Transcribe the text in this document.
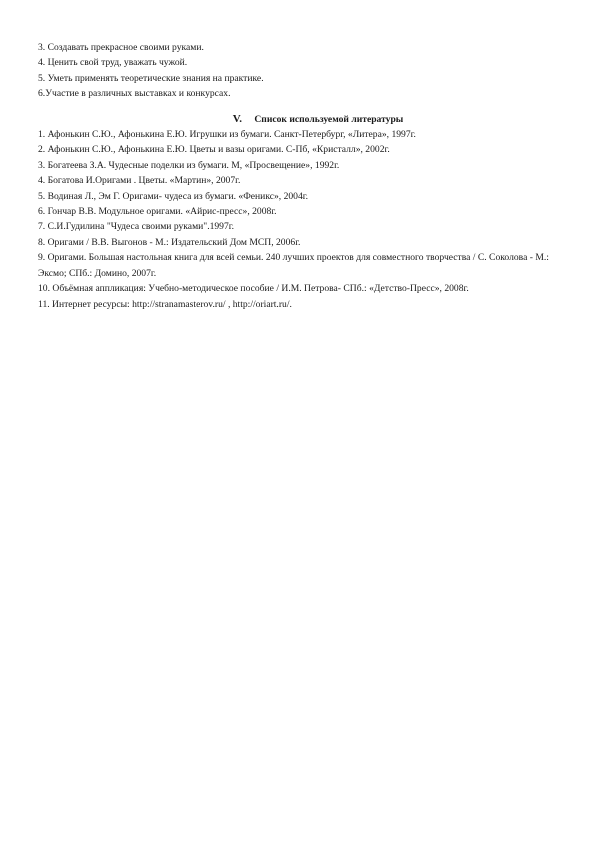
3. Создавать прекрасное своими руками.
4. Ценить свой труд, уважать чужой.
5. Уметь применять теоретические знания на практике.
6.Участие в различных выставках и конкурсах.
V. Список используемой литературы
1. Афонькин С.Ю., Афонькина Е.Ю. Игрушки из бумаги. Санкт-Петербург, «Литера», 1997г.
2. Афонькин С.Ю., Афонькина Е.Ю. Цветы и вазы оригами. С-Пб, «Кристалл», 2002г.
3. Богатеева З.А. Чудесные поделки из бумаги. М, «Просвещение», 1992г.
4. Богатова И.Оригами . Цветы. «Мартин», 2007г.
5. Водиная Л., Эм Г. Оригами- чудеса из бумаги. «Феникс», 2004г.
6. Гончар В.В. Модульное оригами. «Айрис-пресс», 2008г.
7. С.И.Гудилина "Чудеса своими руками".1997г.
8. Оригами / В.В. Выгонов - М.: Издательский Дом МСП, 2006г.
9. Оригами. Большая настольная книга для всей семьи. 240 лучших проектов для совместного творчества / С. Соколова - М.: Эксмо; СПб.: Домино, 2007г.
10. Объёмная аппликация: Учебно-методическое пособие / И.М. Петрова- СПб.: «Детство-Пресс», 2008г.
11. Интернет ресурсы: http://stranamasterov.ru/ , http://oriart.ru/.
